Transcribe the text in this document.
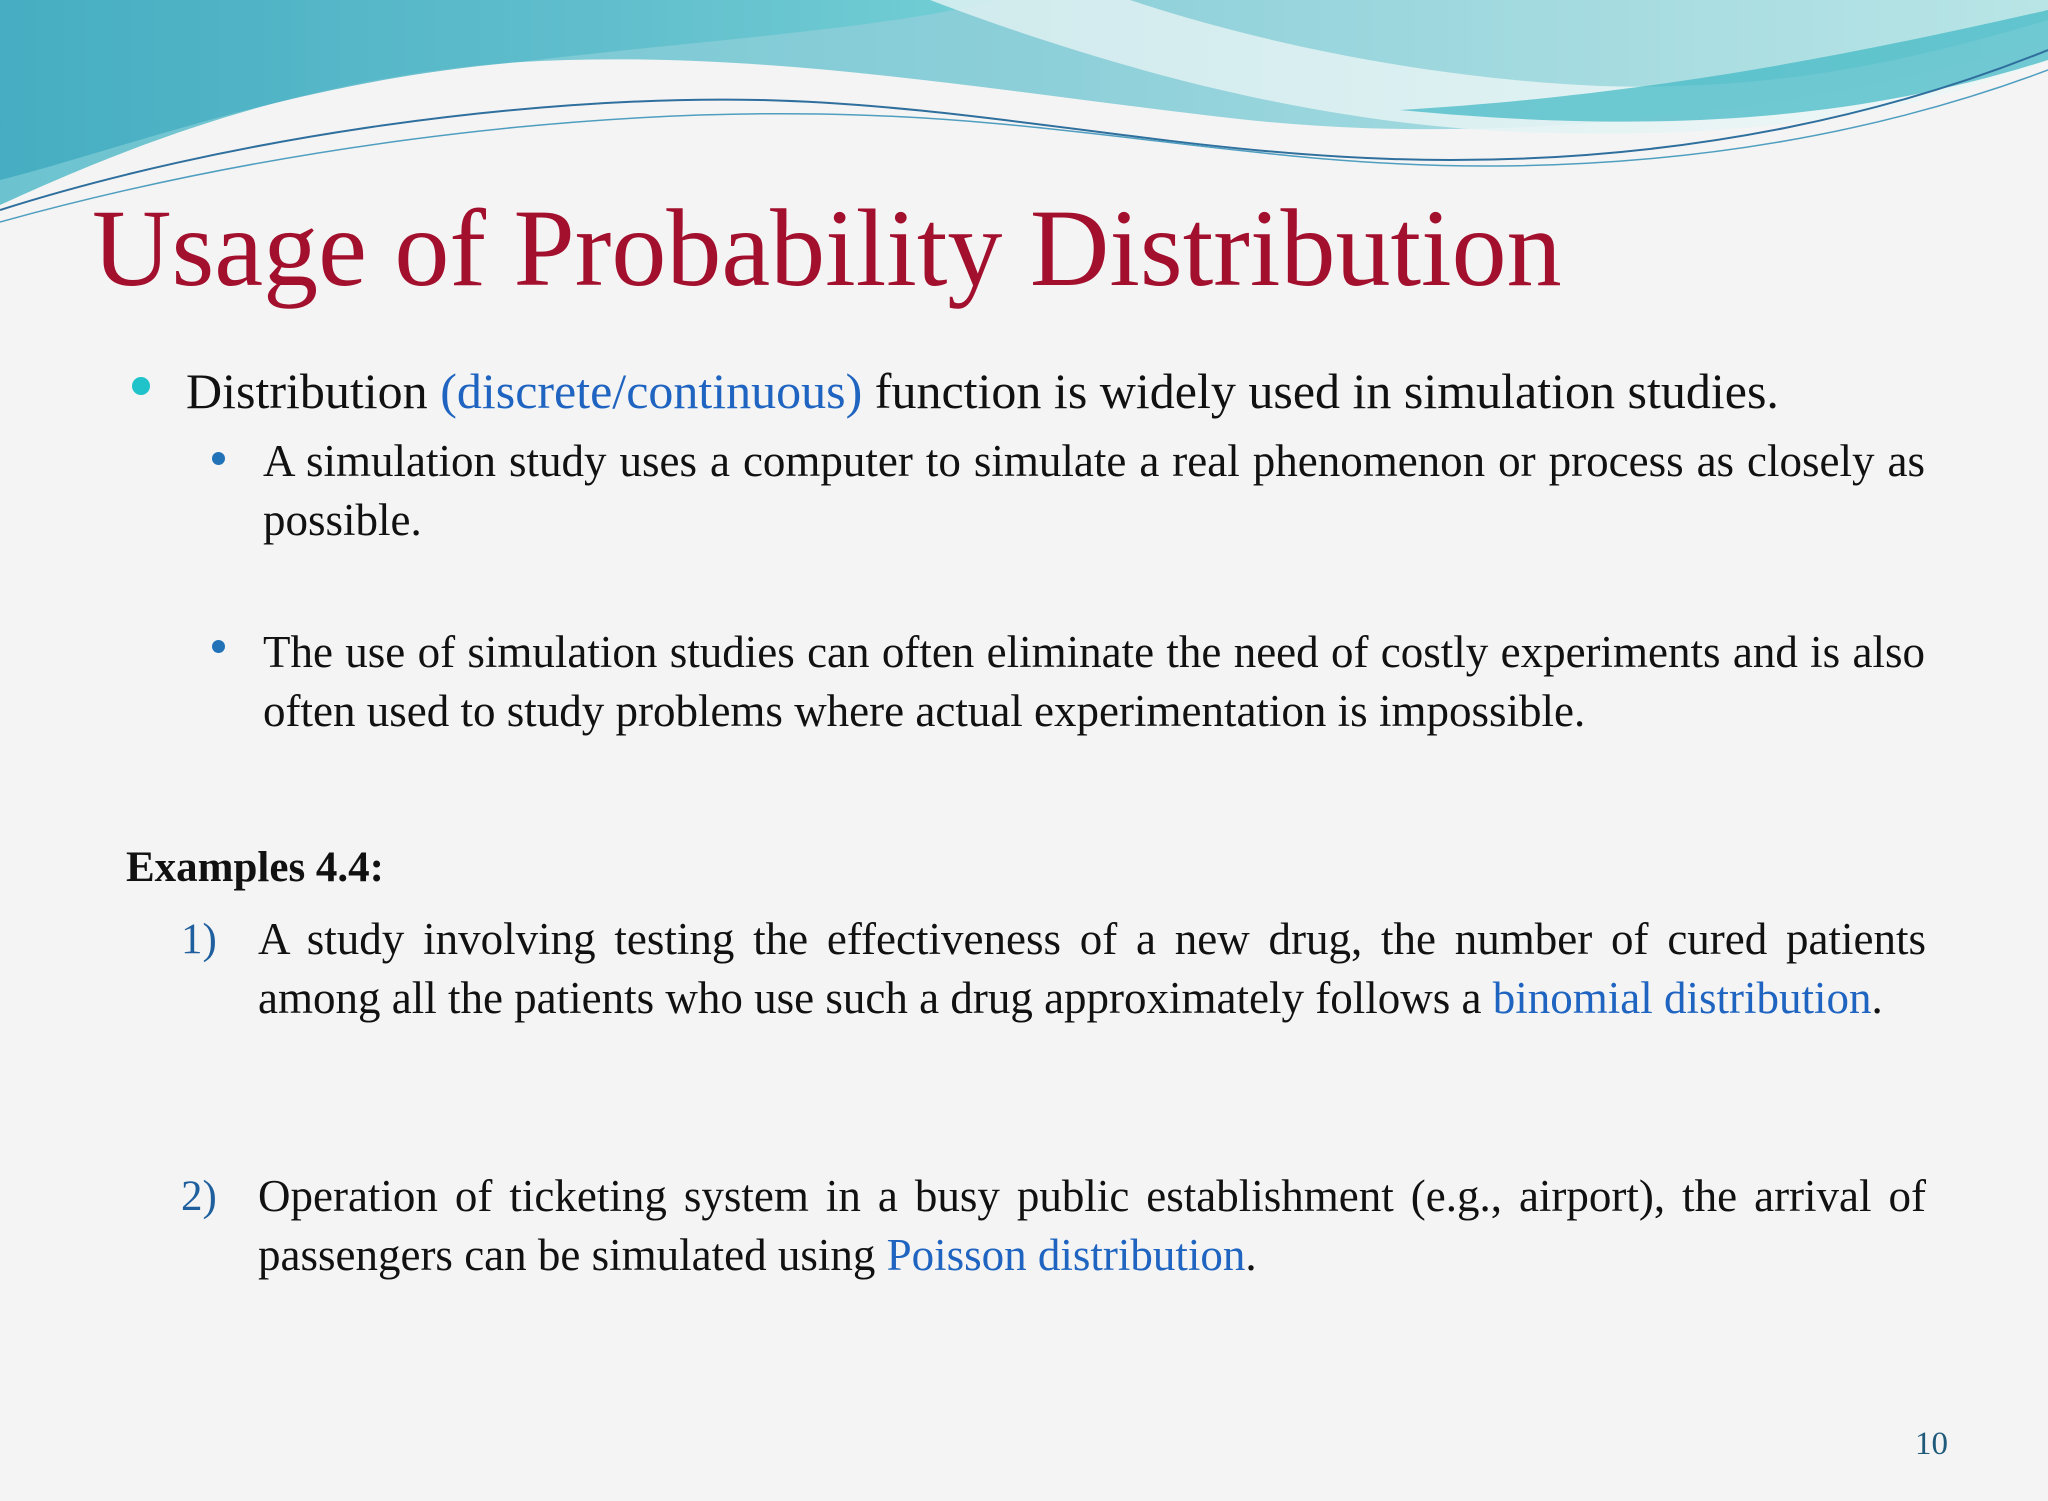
Usage of Probability Distribution
Distribution (discrete/continuous) function is widely used in simulation studies.
A simulation study uses a computer to simulate a real phenomenon or process as closely as possible.
The use of simulation studies can often eliminate the need of costly experiments and is also often used to study problems where actual experimentation is impossible.
Examples 4.4:
1) A study involving testing the effectiveness of a new drug, the number of cured patients among all the patients who use such a drug approximately follows a binomial distribution.
2) Operation of ticketing system in a busy public establishment (e.g., airport), the arrival of passengers can be simulated using Poisson distribution.
10
